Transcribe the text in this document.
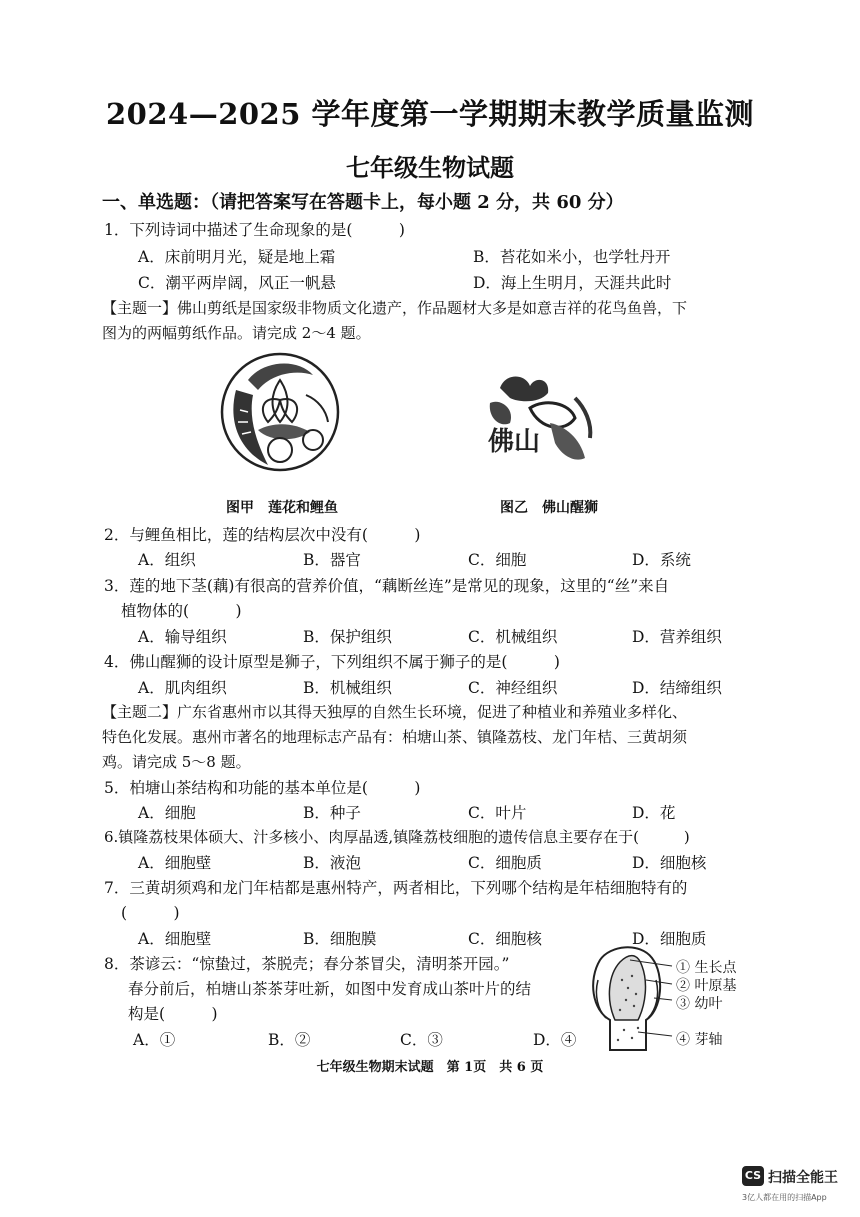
2024—2025 学年度第一学期期末教学质量监测
七年级生物试题
一、单选题：（请把答案写在答题卡上，每小题 2 分，共 60 分）
1．下列诗词中描述了生命现象的是(　　　)
A．床前明月光，疑是地上霜	B．苔花如米小，也学牡丹开
C．潮平两岸阔，风正一帆悬	D．海上生明月，天涯共此时
【主题一】佛山剪纸是国家级非物质文化遗产，作品题材大多是如意吉祥的花鸟鱼兽，下
图为的两幅剪纸作品。请完成 2～4 题。
佛山
图甲　莲花和鲤鱼	图乙　佛山醒狮
2．与鲤鱼相比，莲的结构层次中没有(　　　)
A．组织	B．器官	C．细胞	D．系统
3．莲的地下茎(藕)有很高的营养价值，“藕断丝连”是常见的现象，这里的“丝”来自
植物体的(　　　)
A．输导组织	B．保护组织	C．机械组织	D．营养组织
4．佛山醒狮的设计原型是狮子，下列组织不属于狮子的是(　　　)
A．肌肉组织	B．机械组织	C．神经组织	D．结缔组织
【主题二】广东省惠州市以其得天独厚的自然生长环境，促进了种植业和养殖业多样化、
特色化发展。惠州市著名的地理标志产品有：柏塘山茶、镇隆荔枝、龙门年桔、三黄胡须
鸡。请完成 5～8 题。
5．柏塘山茶结构和功能的基本单位是(　　　)
A．细胞	B．种子	C．叶片	D．花
6.镇隆荔枝果体硕大、汁多核小、肉厚晶透,镇隆荔枝细胞的遗传信息主要存在于(　　　)
A．细胞壁	B．液泡	C．细胞质	D．细胞核
7．三黄胡须鸡和龙门年桔都是惠州特产，两者相比，下列哪个结构是年桔细胞特有的
(　　　)
A．细胞壁	B．细胞膜	C．细胞核	D．细胞质
8．茶谚云：“惊蛰过，茶脱壳；春分茶冒尖，清明茶开园。”
春分前后，柏塘山茶茶芽吐新，如图中发育成山茶叶片的结
构是(　　　)
A．①	B．②	C．③	D．④
① 生长点
② 叶原基
③ 幼叶
④ 芽轴
七年级生物期末试题　第 1页　共 6 页
CS 扫描全能王
3亿人都在用的扫描App
